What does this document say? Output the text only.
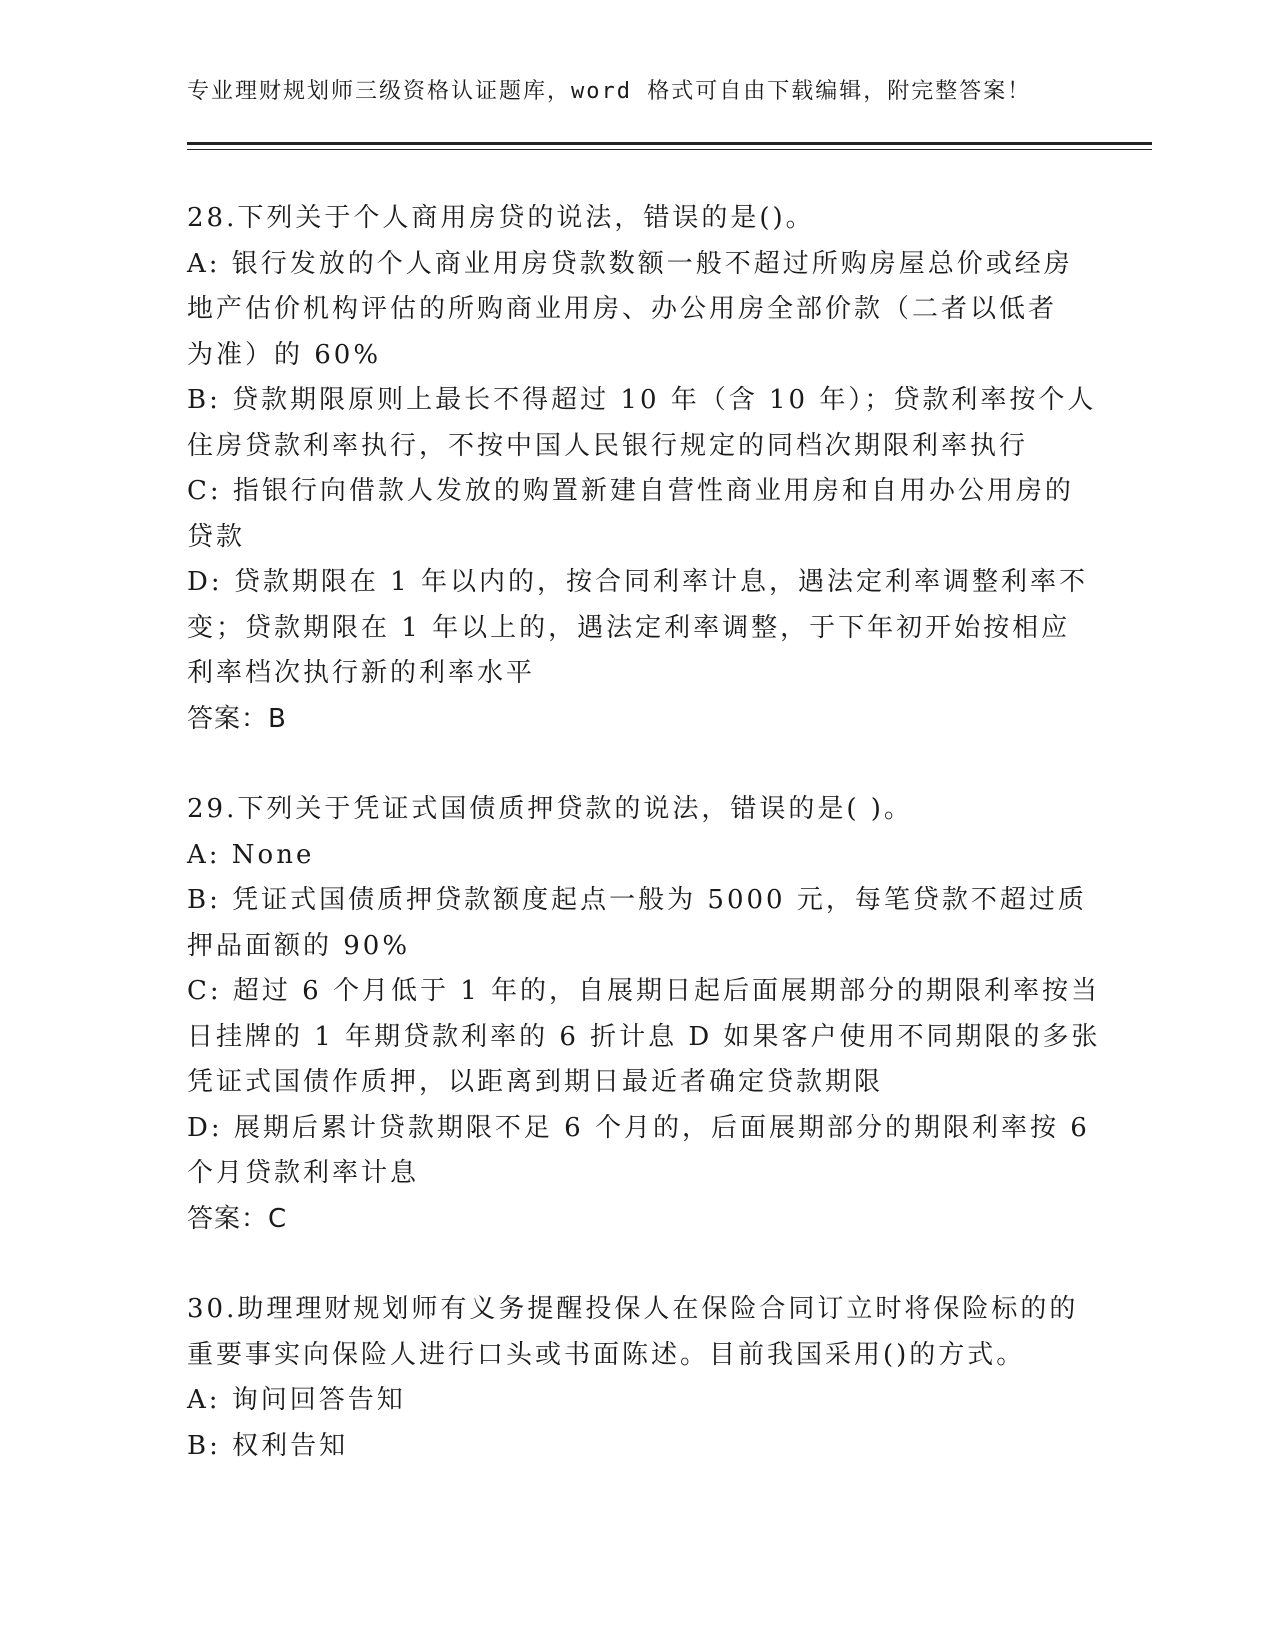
专业理财规划师三级资格认证题库，word 格式可自由下载编辑，附完整答案！
28.下列关于个人商用房贷的说法，错误的是()。
A: 银行发放的个人商业用房贷款数额一般不超过所购房屋总价或经房
地产估价机构评估的所购商业用房、办公用房全部价款（二者以低者
为准）的 60%
B: 贷款期限原则上最长不得超过 10 年（含 10 年）；贷款利率按个人
住房贷款利率执行，不按中国人民银行规定的同档次期限利率执行
C: 指银行向借款人发放的购置新建自营性商业用房和自用办公用房的
贷款
D: 贷款期限在 1 年以内的，按合同利率计息，遇法定利率调整利率不
变；贷款期限在 1 年以上的，遇法定利率调整，于下年初开始按相应
利率档次执行新的利率水平
答案：B
29.下列关于凭证式国债质押贷款的说法，错误的是( )。
A: None
B: 凭证式国债质押贷款额度起点一般为 5000 元，每笔贷款不超过质
押品面额的 90%
C: 超过 6 个月低于 1 年的，自展期日起后面展期部分的期限利率按当
日挂牌的 1 年期贷款利率的 6 折计息 D 如果客户使用不同期限的多张
凭证式国债作质押，以距离到期日最近者确定贷款期限
D: 展期后累计贷款期限不足 6 个月的，后面展期部分的期限利率按 6
个月贷款利率计息
答案：C
30.助理理财规划师有义务提醒投保人在保险合同订立时将保险标的的
重要事实向保险人进行口头或书面陈述。目前我国采用()的方式。
A: 询问回答告知
B: 权利告知
